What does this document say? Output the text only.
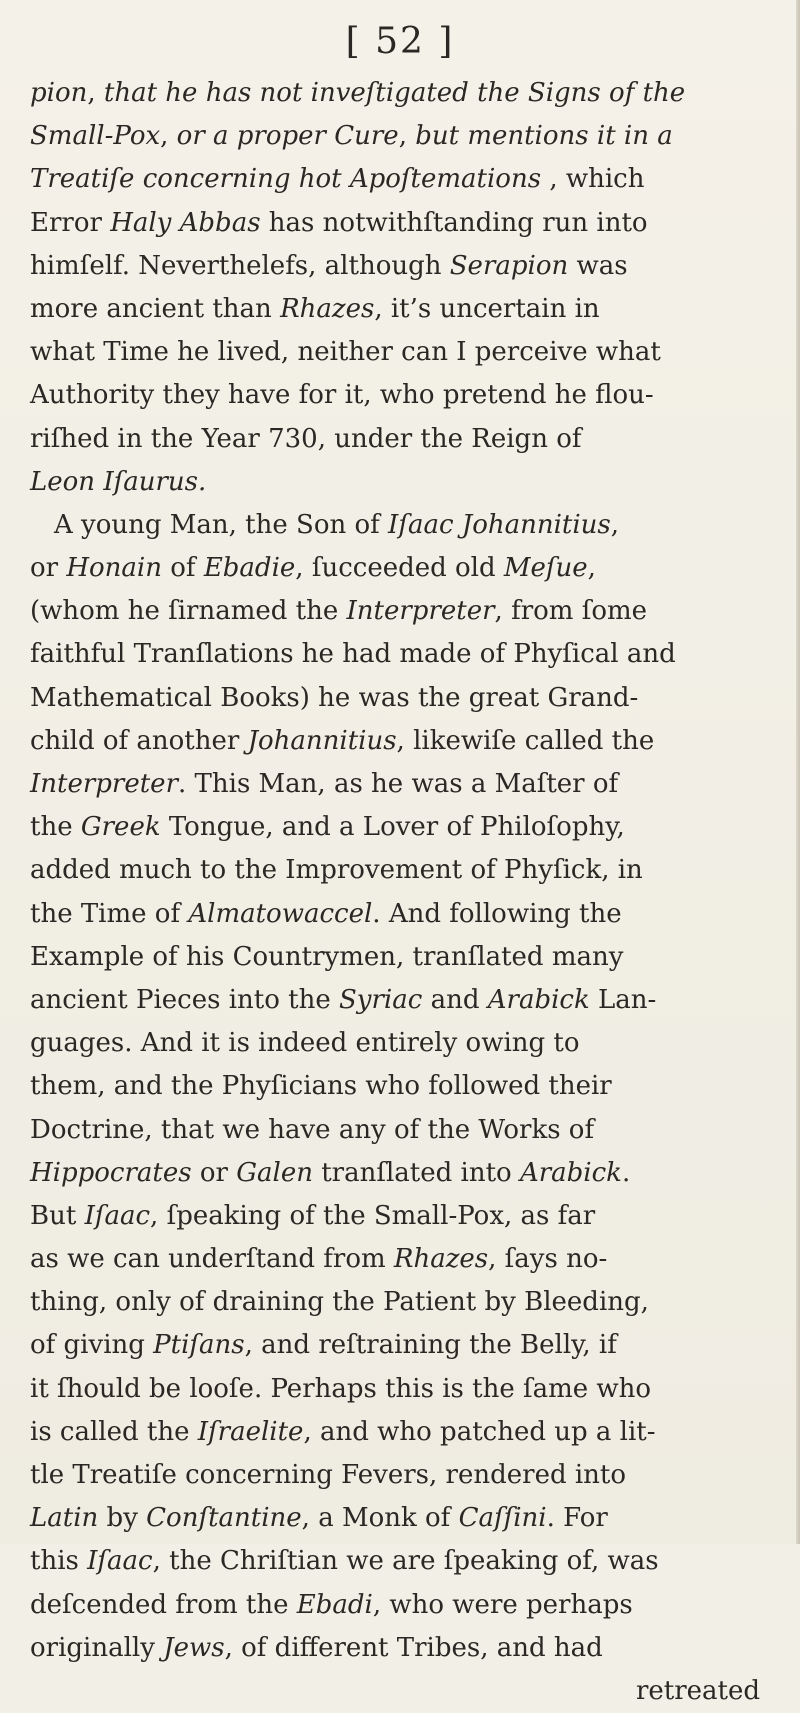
[ 52 ]
pion, that he has not inveſtigated the Signs of the
Small-Pox, or a proper Cure, but mentions it in a
Treatiſe concerning hot Apoſtemations , which
Error Haly Abbas has notwithſtanding run into
himſelf. Neverthelefs, although Serapion was
more ancient than Rhazes, it’s uncertain in
what Time he lived, neither can I perceive what
Authority they have for it, who pretend he flou-
riſhed in the Year 730, under the Reign of
Leon Iſaurus.
A young Man, the Son of Iſaac Johannitius,
or Honain of Ebadie, ſucceeded old Meſue,
(whom he ſirnamed the Interpreter, from ſome
faithful Tranſlations he had made of Phyſical and
Mathematical Books) he was the great Grand-
child of another Johannitius, likewiſe called the
Interpreter. This Man, as he was a Maſter of
the Greek Tongue, and a Lover of Philoſophy,
added much to the Improvement of Phyſick, in
the Time of Almatowaccel. And following the
Example of his Countrymen, tranſlated many
ancient Pieces into the Syriac and Arabick Lan-
guages. And it is indeed entirely owing to
them, and the Phyſicians who followed their
Doctrine, that we have any of the Works of
Hippocrates or Galen tranſlated into Arabick.
But Iſaac, ſpeaking of the Small-Pox, as far
as we can underſtand from Rhazes, ſays no-
thing, only of draining the Patient by Bleeding,
of giving Ptiſans, and reſtraining the Belly, if
it ſhould be looſe. Perhaps this is the ſame who
is called the Iſraelite, and who patched up a lit-
tle Treatiſe concerning Fevers, rendered into
Latin by Conſtantine, a Monk of Caſſini. For
this Iſaac, the Chriſtian we are ſpeaking of, was
deſcended from the Ebadi, who were perhaps
originally Jews, of different Tribes, and had
retreated
